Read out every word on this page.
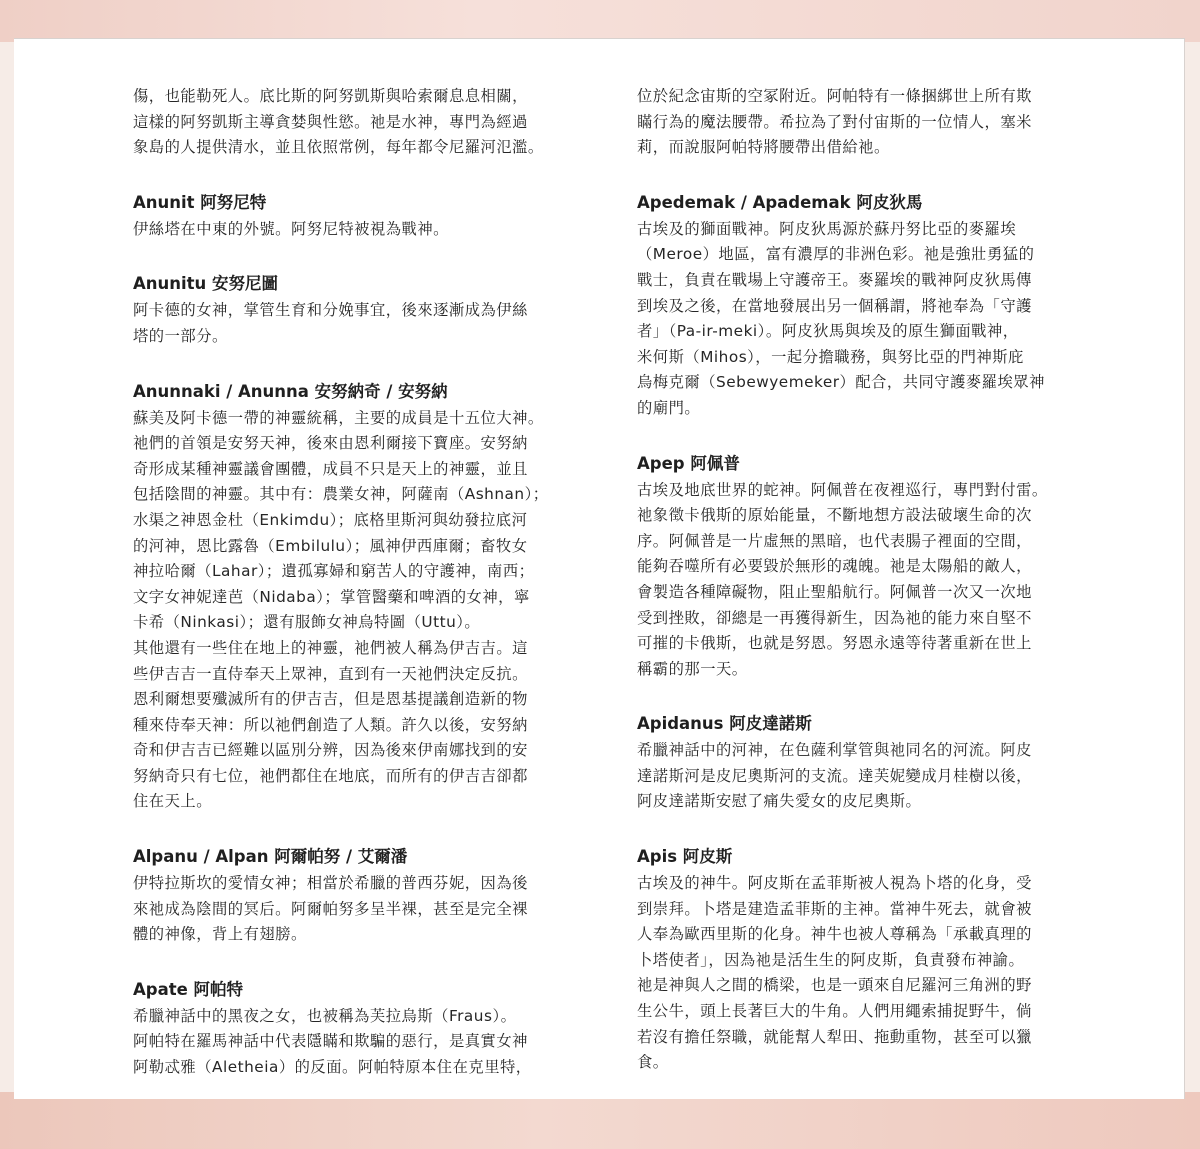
傷，也能勒死人。底比斯的阿努凱斯與哈索爾息息相關，
這樣的阿努凱斯主導貪婪與性慾。祂是水神，專門為經過
象島的人提供清水，並且依照常例，每年都令尼羅河氾濫。

Anunit 阿努尼特

伊絲塔在中東的外號。阿努尼特被視為戰神。

Anunitu 安努尼圖

阿卡德的女神，掌管生育和分娩事宜，後來逐漸成為伊絲
塔的一部分。

Anunnaki / Anunna 安努納奇 / 安努納

蘇美及阿卡德一帶的神靈統稱，主要的成員是十五位大神。
祂們的首領是安努天神，後來由恩利爾接下寶座。安努納
奇形成某種神靈議會團體，成員不只是天上的神靈，並且
包括陰間的神靈。其中有：農業女神，阿薩南（Ashnan）；
水渠之神恩金杜（Enkimdu）；底格里斯河與幼發拉底河
的河神，恩比露魯（Embilulu）；風神伊西庫爾；畜牧女
神拉哈爾（Lahar）；遺孤寡婦和窮苦人的守護神，南西；
文字女神妮達芭（Nidaba）；掌管醫藥和啤酒的女神，寧
卡希（Ninkasi）；還有服飾女神烏特圖（Uttu）。

其他還有一些住在地上的神靈，祂們被人稱為伊吉吉。這
些伊吉吉一直侍奉天上眾神，直到有一天祂們決定反抗。
恩利爾想要殲滅所有的伊吉吉，但是恩基提議創造新的物
種來侍奉天神：所以祂們創造了人類。許久以後，安努納
奇和伊吉吉已經難以區別分辨，因為後來伊南娜找到的安
努納奇只有七位，祂們都住在地底，而所有的伊吉吉卻都
住在天上。

Alpanu / Alpan 阿爾帕努 / 艾爾潘

伊特拉斯坎的愛情女神；相當於希臘的普西芬妮，因為後
來祂成為陰間的冥后。阿爾帕努多呈半裸，甚至是完全裸
體的神像，背上有翅膀。

Apate 阿帕特

希臘神話中的黑夜之女，也被稱為芙拉烏斯（Fraus）。
阿帕特在羅馬神話中代表隱瞞和欺騙的惡行，是真實女神
阿勒忒雅（Aletheia）的反面。阿帕特原本住在克里特，

位於紀念宙斯的空冢附近。阿帕特有一條捆綁世上所有欺
瞞行為的魔法腰帶。希拉為了對付宙斯的一位情人，塞米
莉，而說服阿帕特將腰帶出借給祂。

Apedemak / Apademak 阿皮狄馬

古埃及的獅面戰神。阿皮狄馬源於蘇丹努比亞的麥羅埃
（Meroe）地區，富有濃厚的非洲色彩。祂是強壯勇猛的
戰士，負責在戰場上守護帝王。麥羅埃的戰神阿皮狄馬傳
到埃及之後，在當地發展出另一個稱謂，將祂奉為「守護
者」（Pa-ir-meki）。阿皮狄馬與埃及的原生獅面戰神，
米何斯（Mihos），一起分擔職務，與努比亞的門神斯庇
烏梅克爾（Sebewyemeker）配合，共同守護麥羅埃眾神
的廟門。

Apep 阿佩普

古埃及地底世界的蛇神。阿佩普在夜裡巡行，專門對付雷。
祂象徵卡俄斯的原始能量，不斷地想方設法破壞生命的次
序。阿佩普是一片虛無的黑暗，也代表腸子裡面的空間，
能夠吞噬所有必要毀於無形的魂魄。祂是太陽船的敵人，
會製造各種障礙物，阻止聖船航行。阿佩普一次又一次地
受到挫敗，卻總是一再獲得新生，因為祂的能力來自堅不
可摧的卡俄斯，也就是努恩。努恩永遠等待著重新在世上
稱霸的那一天。

Apidanus 阿皮達諾斯

希臘神話中的河神，在色薩利掌管與祂同名的河流。阿皮
達諾斯河是皮尼奧斯河的支流。達芙妮變成月桂樹以後，
阿皮達諾斯安慰了痛失愛女的皮尼奧斯。

Apis 阿皮斯

古埃及的神牛。阿皮斯在孟菲斯被人視為卜塔的化身，受
到崇拜。卜塔是建造孟菲斯的主神。當神牛死去，就會被
人奉為歐西里斯的化身。神牛也被人尊稱為「承載真理的
卜塔使者」，因為祂是活生生的阿皮斯，負責發布神諭。
祂是神與人之間的橋梁，也是一頭來自尼羅河三角洲的野
生公牛，頭上長著巨大的牛角。人們用繩索捕捉野牛，倘
若沒有擔任祭職，就能幫人犁田、拖動重物，甚至可以獵
食。
